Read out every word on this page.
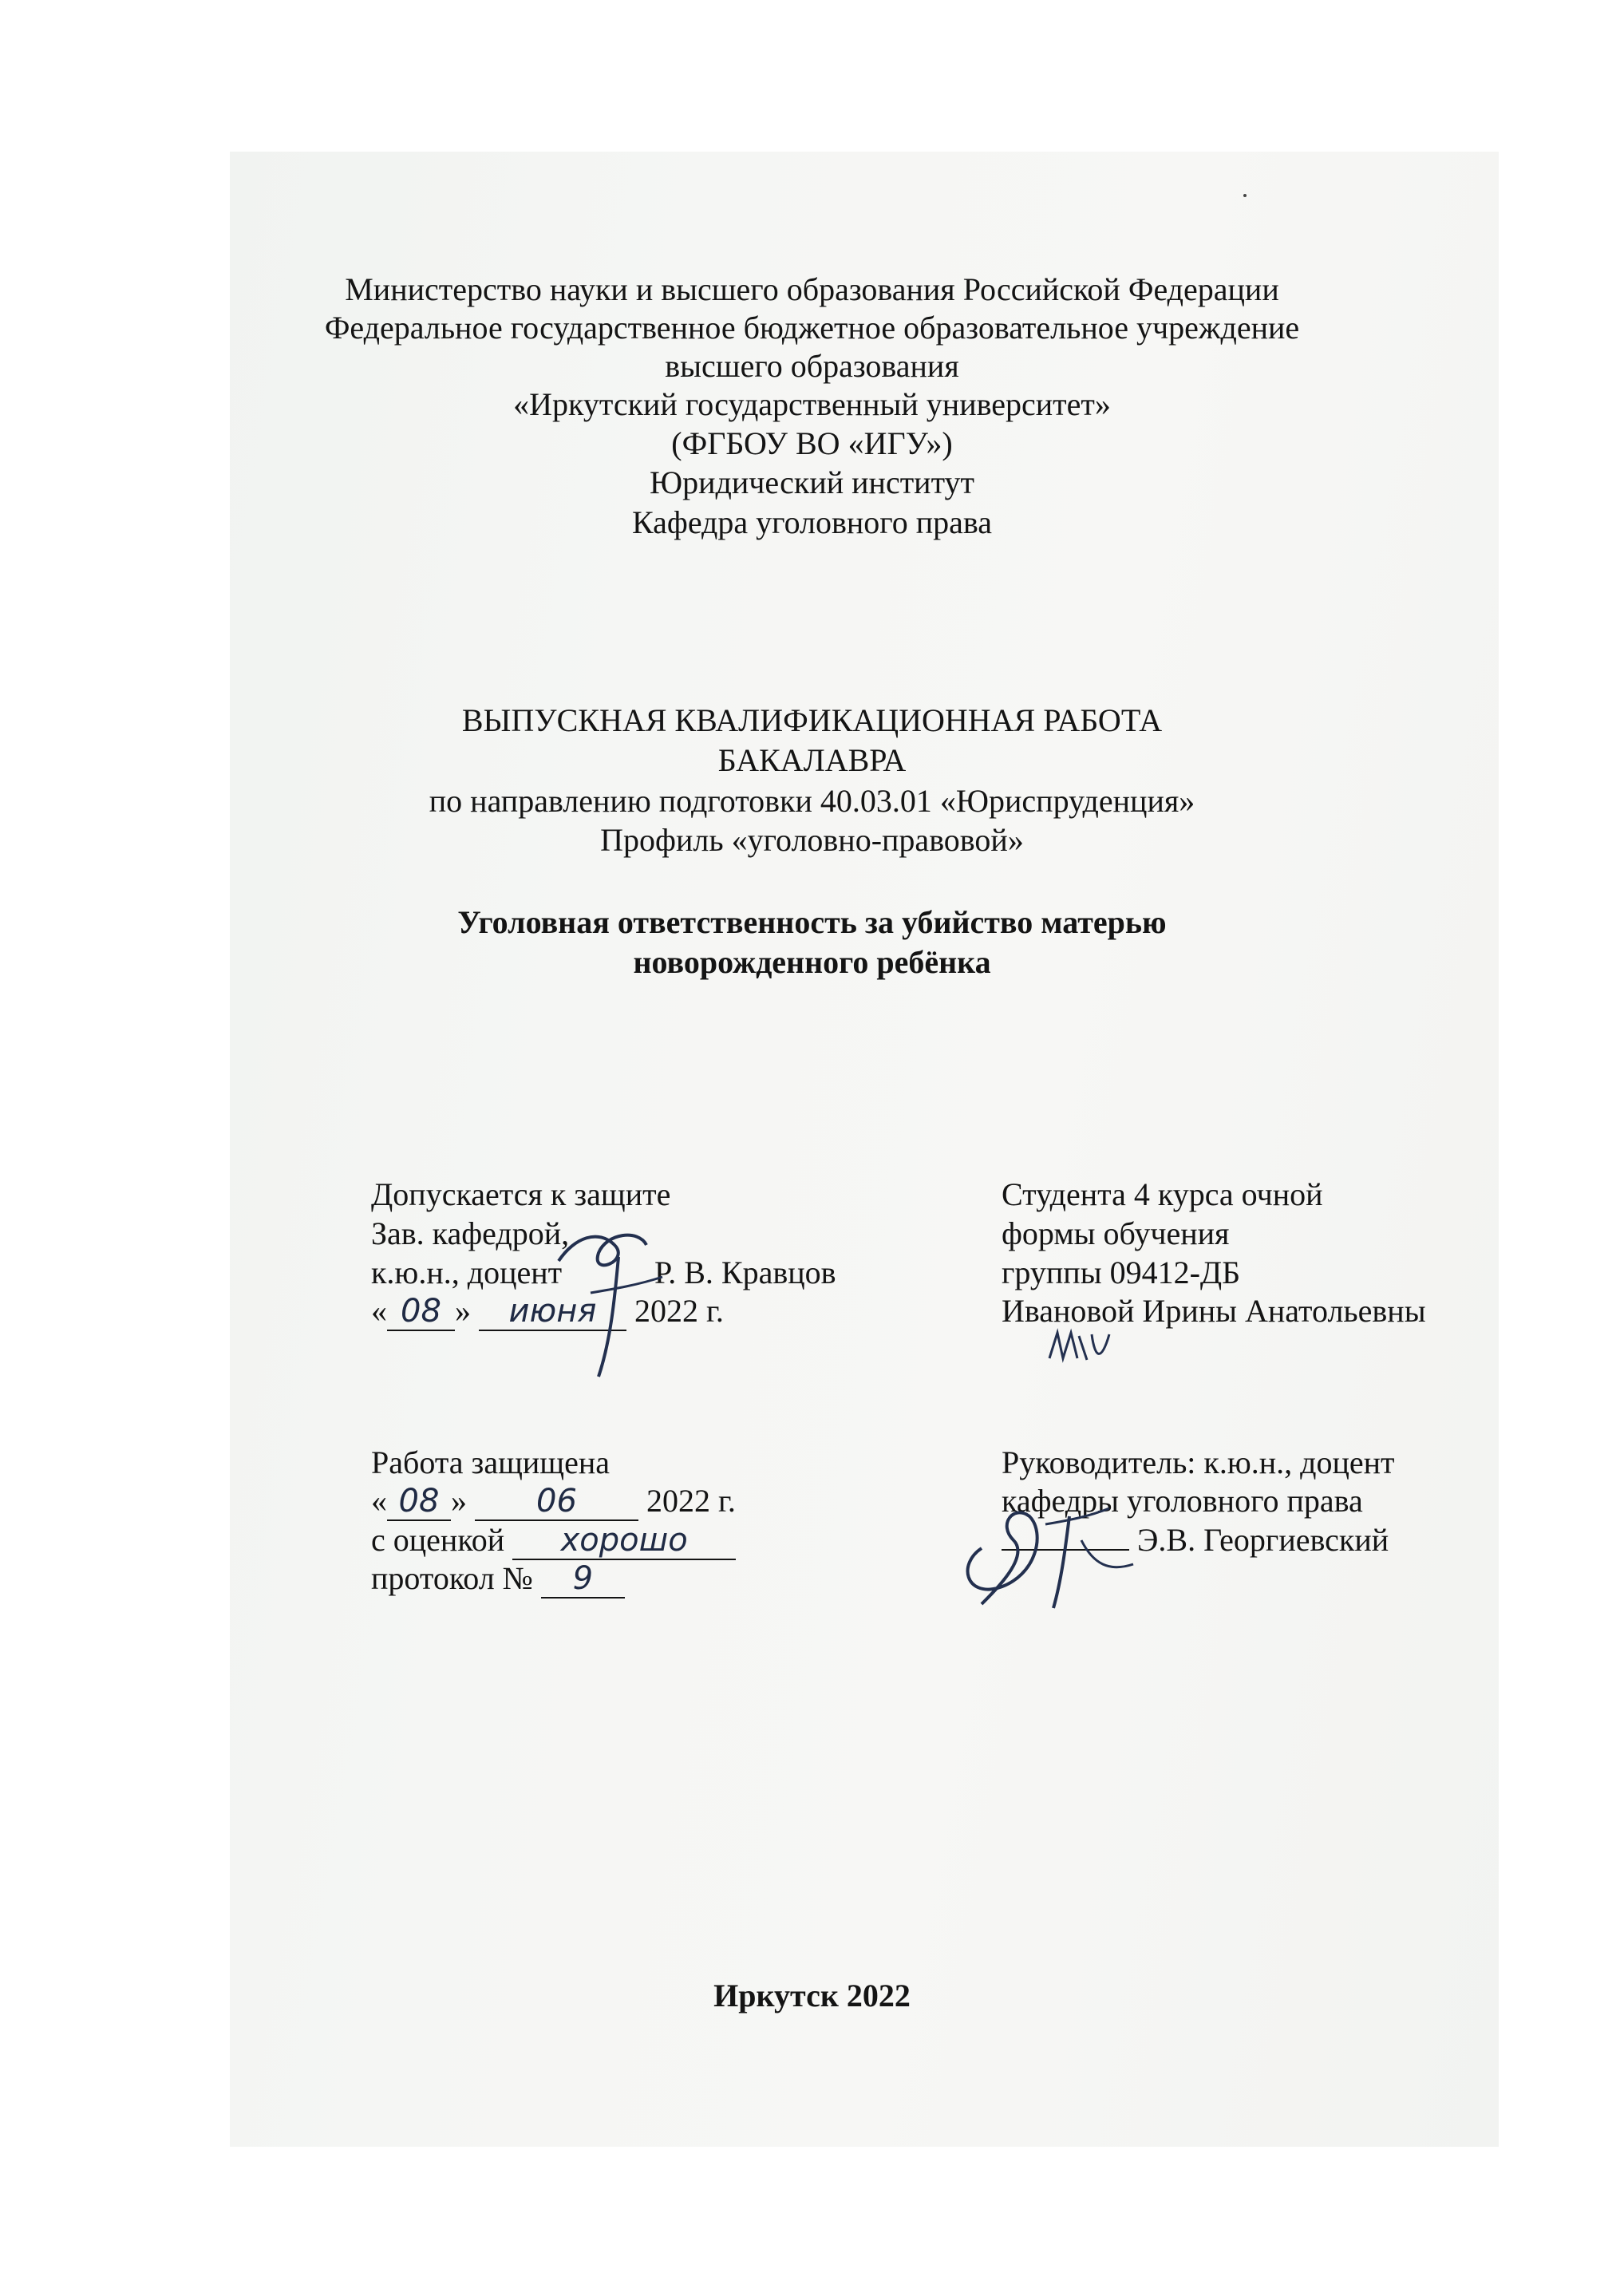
Министерство науки и высшего образования Российской Федерации
Федеральное государственное бюджетное образовательное учреждение
высшего образования
«Иркутский государственный университет»
(ФГБОУ ВО «ИГУ»)
Юридический институт
Кафедра уголовного права
ВЫПУСКНАЯ КВАЛИФИКАЦИОННАЯ РАБОТА
БАКАЛАВРА
по направлению подготовки 40.03.01 «Юриспруденция»
Профиль «уголовно-правовой»
Уголовная ответственность за убийство матерью
новорожденного ребёнка
Допускается к защите
Зав. кафедрой,
к.ю.н., доцент	Р. В. Кравцов
« 08 » июня 2022 г.
Студента 4 курса очной
формы обучения
группы 09412-ДБ
Ивановой Ирины Анатольевны
Работа защищена
« 08 » 06 2022 г.
с оценкой хорошо
протокол № 9
Руководитель: к.ю.н., доцент
кафедры уголовного права
Э.В. Георгиевский
Иркутск 2022
